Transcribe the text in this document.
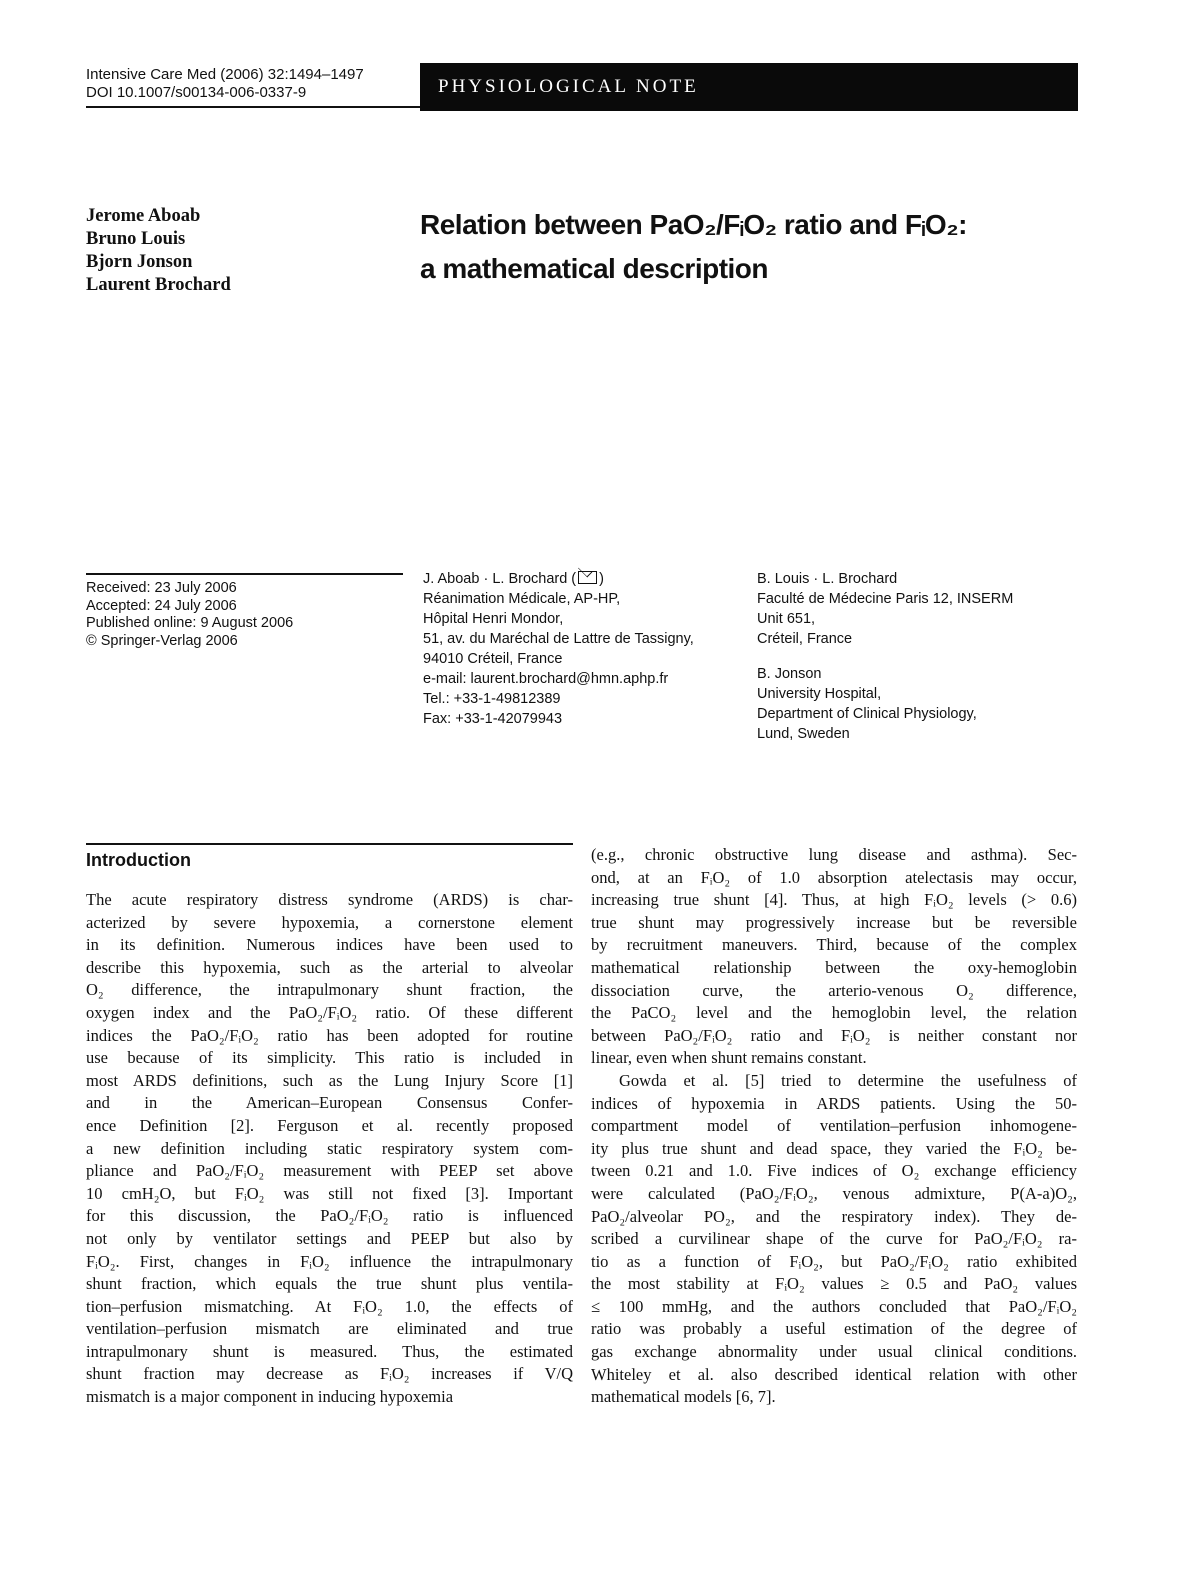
Intensive Care Med (2006) 32:1494–1497
DOI 10.1007/s00134-006-0337-9	PHYSIOLOGICAL NOTE
Jerome Aboab
Bruno Louis
Bjorn Jonson
Laurent Brochard
Relation between PaO₂/FᵢO₂ ratio and FᵢO₂:
a mathematical description
Received: 23 July 2006
Accepted: 24 July 2006
Published online: 9 August 2006
© Springer-Verlag 2006
J. Aboab · L. Brochard ( )
Réanimation Médicale, AP-HP,
Hôpital Henri Mondor,
51, av. du Maréchal de Lattre de Tassigny,
94010 Créteil, France
e-mail: laurent.brochard@hmn.aphp.fr
Tel.: +33-1-49812389
Fax: +33-1-42079943
B. Louis · L. Brochard
Faculté de Médecine Paris 12, INSERM
Unit 651,
Créteil, France
B. Jonson
University Hospital,
Department of Clinical Physiology,
Lund, Sweden
Introduction
The acute respiratory distress syndrome (ARDS) is char-
acterized by severe hypoxemia, a cornerstone element
in its definition. Numerous indices have been used to
describe this hypoxemia, such as the arterial to alveolar
O₂ difference, the intrapulmonary shunt fraction, the
oxygen index and the PaO₂/FᵢO₂ ratio. Of these different
indices the PaO₂/FᵢO₂ ratio has been adopted for routine
use because of its simplicity. This ratio is included in
most ARDS definitions, such as the Lung Injury Score [1]
and in the American–European Consensus Confer-
ence Definition [2]. Ferguson et al. recently proposed
a new definition including static respiratory system com-
pliance and PaO₂/FᵢO₂ measurement with PEEP set above
10 cmH₂O, but FᵢO₂ was still not fixed [3]. Important
for this discussion, the PaO₂/FᵢO₂ ratio is influenced
not only by ventilator settings and PEEP but also by
FᵢO₂. First, changes in FᵢO₂ influence the intrapulmonary
shunt fraction, which equals the true shunt plus ventila-
tion–perfusion mismatching. At FᵢO₂ 1.0, the effects of
ventilation–perfusion mismatch are eliminated and true
intrapulmonary shunt is measured. Thus, the estimated
shunt fraction may decrease as FᵢO₂ increases if V/Q
mismatch is a major component in inducing hypoxemia
(e.g., chronic obstructive lung disease and asthma). Sec-
ond, at an FᵢO₂ of 1.0 absorption atelectasis may occur,
increasing true shunt [4]. Thus, at high FᵢO₂ levels (> 0.6)
true shunt may progressively increase but be reversible
by recruitment maneuvers. Third, because of the complex
mathematical relationship between the oxy-hemoglobin
dissociation curve, the arterio-venous O₂ difference,
the PaCO₂ level and the hemoglobin level, the relation
between PaO₂/FᵢO₂ ratio and FᵢO₂ is neither constant nor
linear, even when shunt remains constant.
Gowda et al. [5] tried to determine the usefulness of
indices of hypoxemia in ARDS patients. Using the 50-
compartment model of ventilation–perfusion inhomogene-
ity plus true shunt and dead space, they varied the FᵢO₂ be-
tween 0.21 and 1.0. Five indices of O₂ exchange efficiency
were calculated (PaO₂/FᵢO₂, venous admixture, P(A-a)O₂,
PaO₂/alveolar PO₂, and the respiratory index). They de-
scribed a curvilinear shape of the curve for PaO₂/FᵢO₂ ra-
tio as a function of FᵢO₂, but PaO₂/FᵢO₂ ratio exhibited
the most stability at FᵢO₂ values ≥ 0.5 and PaO₂ values
≤ 100 mmHg, and the authors concluded that PaO₂/FᵢO₂
ratio was probably a useful estimation of the degree of
gas exchange abnormality under usual clinical conditions.
Whiteley et al. also described identical relation with other
mathematical models [6, 7].
